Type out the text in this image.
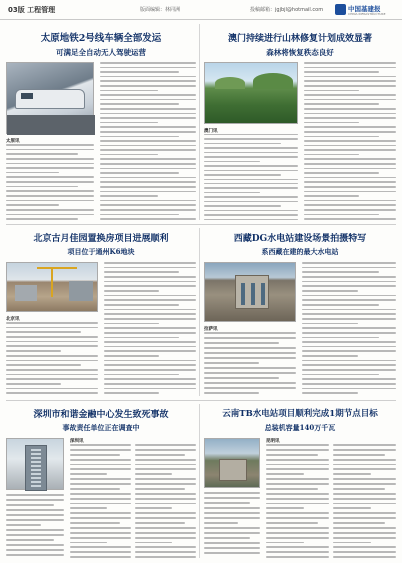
03版 工程管理	版面编辑：林同洲	投稿邮箱：jgjbjl@hotmail.com	中国基建报
CHINA INFRASTRUCTURE
太原地铁2号线车辆全部发运
可满足全自动无人驾驶运营
太原讯
澳门持续进行山林修复计划成效显著
森林将恢复秩态良好
澳门讯
北京古月佳园置换房项目进展顺利
项目位于通州K6地块
北京讯
西藏DG水电站建设场景拍摄特写
系西藏在建的最大水电站
拉萨讯
深圳市和谐金融中心发生致死事故
事故责任单位正在调查中
深圳讯
云南TB水电站项目顺利完成1期节点目标
总装机容量140万千瓦
昆明讯
